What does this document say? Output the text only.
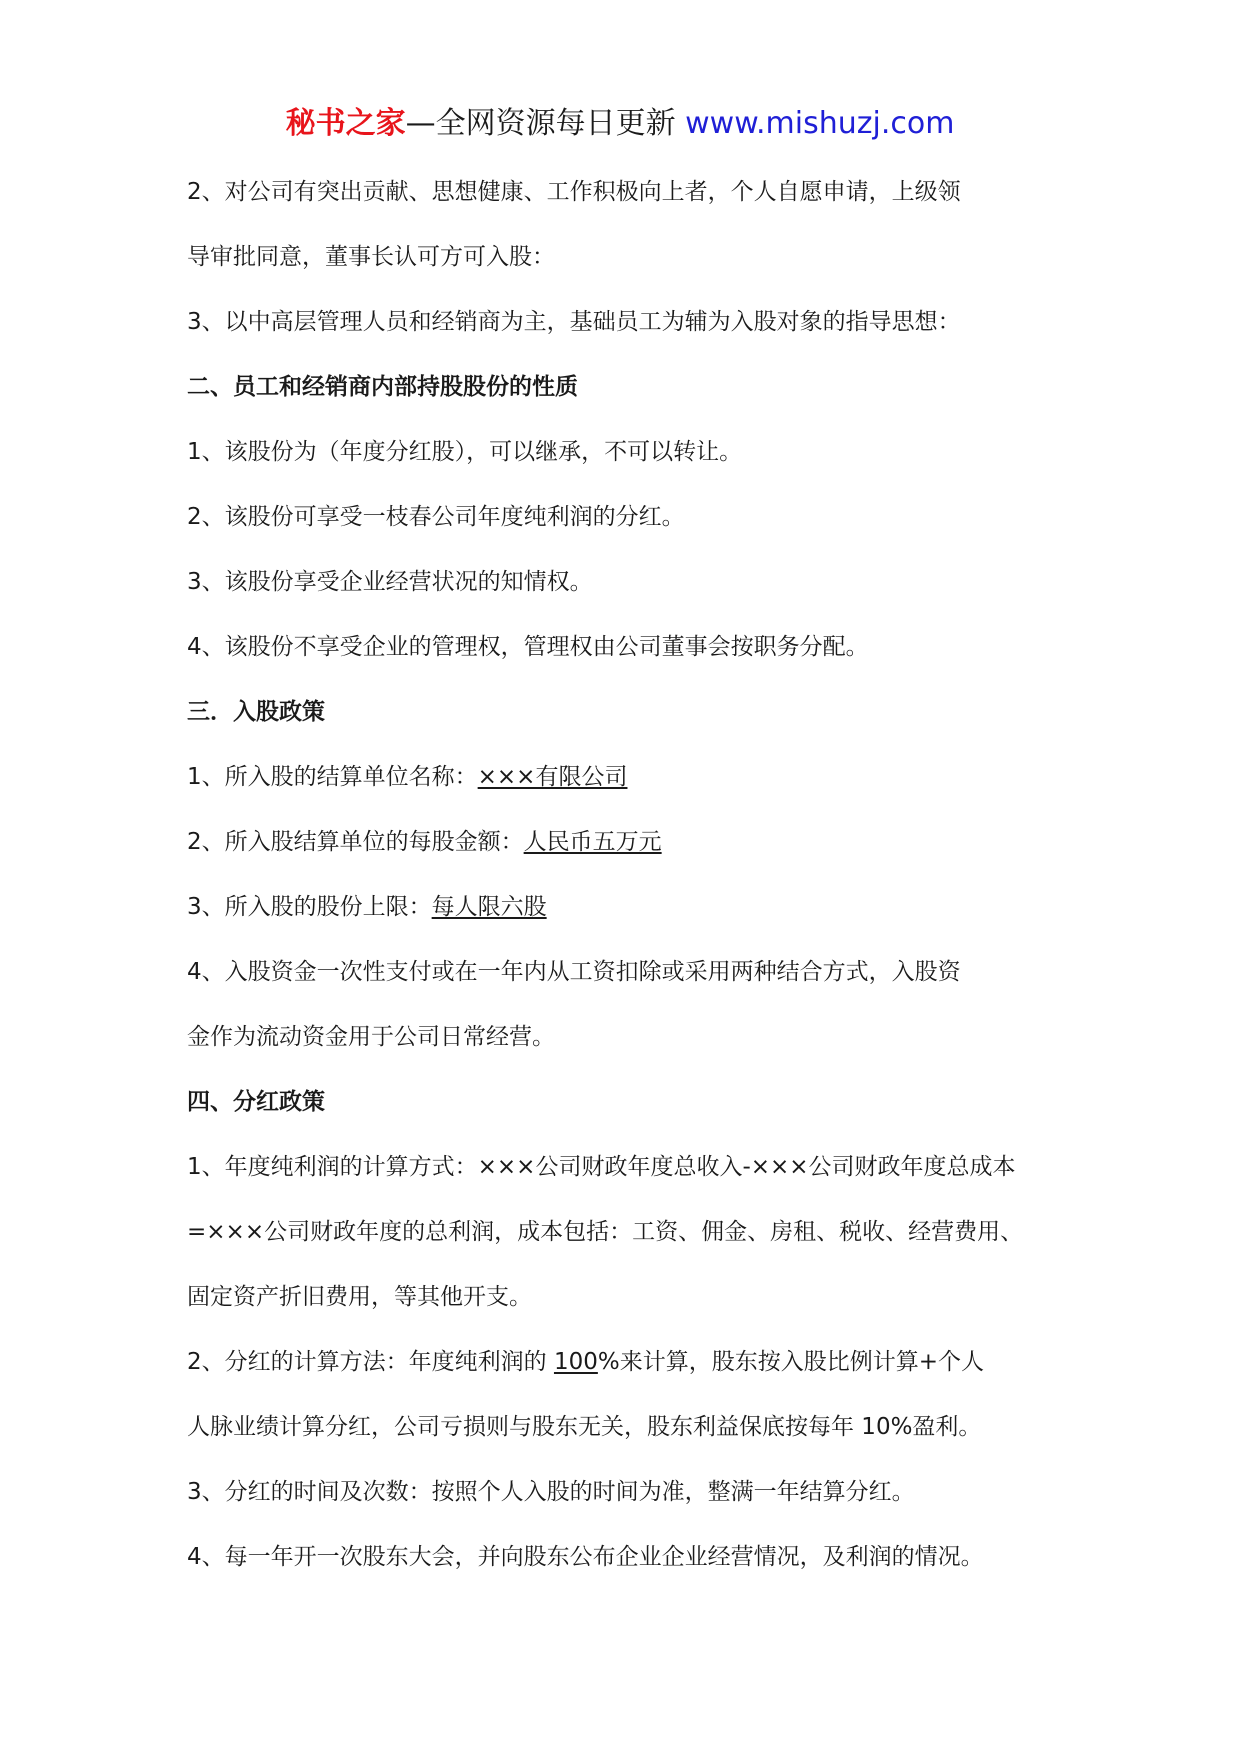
秘书之家—全网资源每日更新 www.mishuzj.com
2、对公司有突出贡献、思想健康、工作积极向上者，个人自愿申请，上级领
导审批同意，董事长认可方可入股：
3、以中高层管理人员和经销商为主，基础员工为辅为入股对象的指导思想：
二、员工和经销商内部持股股份的性质
1、该股份为（年度分红股），可以继承，不可以转让。
2、该股份可享受一枝春公司年度纯利润的分红。
3、该股份享受企业经营状况的知情权。
4、该股份不享受企业的管理权，管理权由公司董事会按职务分配。
三．入股政策
1、所入股的结算单位名称：×××有限公司
2、所入股结算单位的每股金额：人民币五万元
3、所入股的股份上限：每人限六股
4、入股资金一次性支付或在一年内从工资扣除或采用两种结合方式，入股资
金作为流动资金用于公司日常经营。
四、分红政策
1、年度纯利润的计算方式：×××公司财政年度总收入-×××公司财政年度总成本
=×××公司财政年度的总利润，成本包括：工资、佣金、房租、税收、经营费用、
固定资产折旧费用，等其他开支。
2、分红的计算方法：年度纯利润的 100%来计算，股东按入股比例计算+个人
人脉业绩计算分红，公司亏损则与股东无关，股东利益保底按每年 10%盈利。
3、分红的时间及次数：按照个人入股的时间为准，整满一年结算分红。
4、每一年开一次股东大会，并向股东公布企业企业经营情况，及利润的情况。
